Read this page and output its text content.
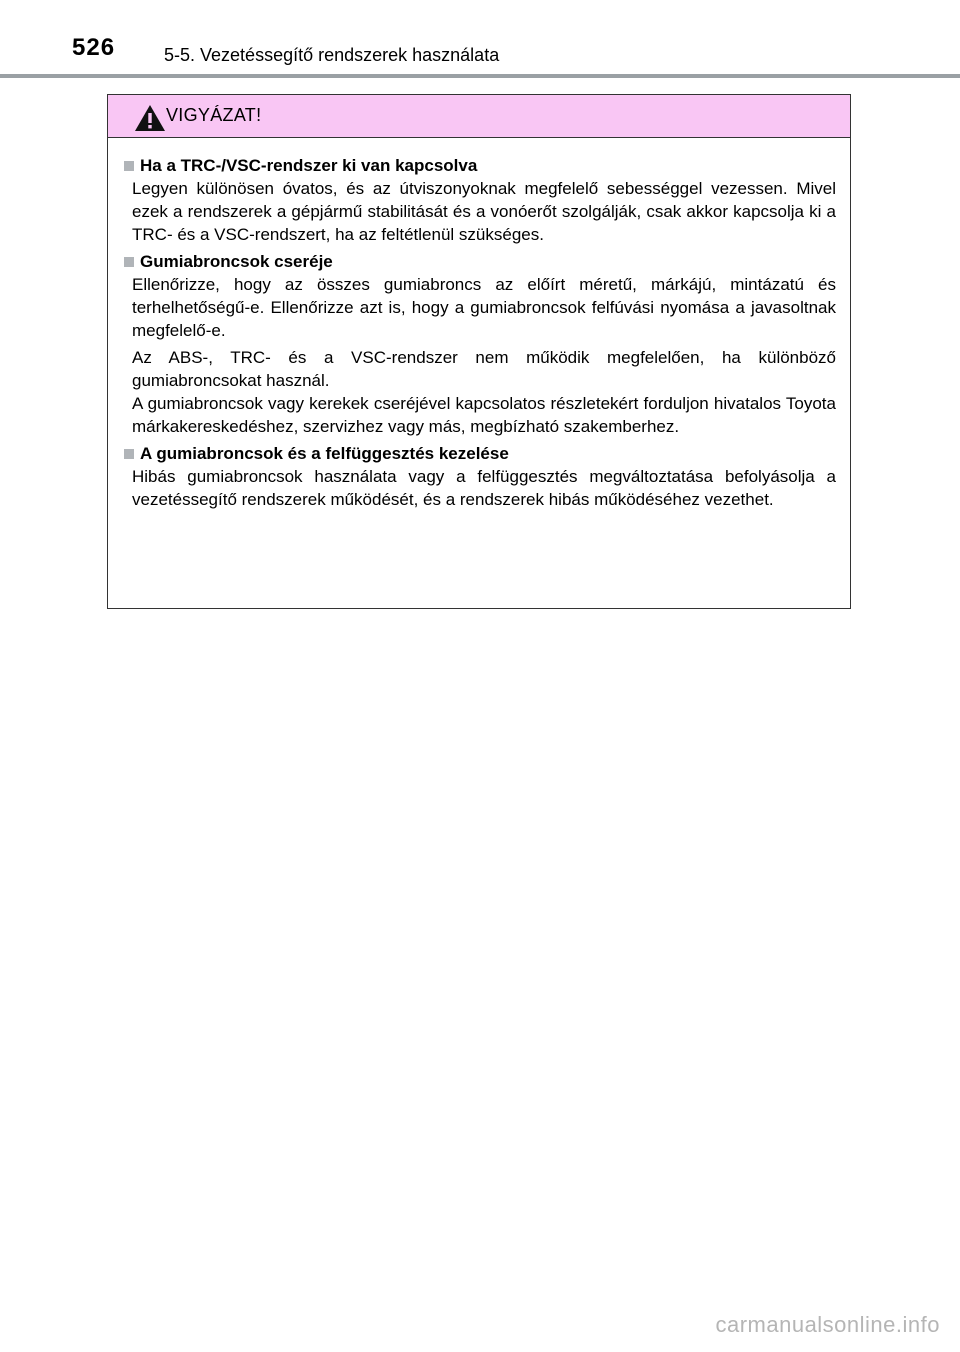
526	5-5. Vezetéssegítő rendszerek használata
VIGYÁZAT!
Ha a TRC-/VSC-rendszer ki van kapcsolva

Legyen különösen óvatos, és az útviszonyoknak megfelelő sebességgel vezessen. Mivel ezek a rendszerek a gépjármű stabilitását és a vonóerőt szolgálják, csak akkor kapcsolja ki a TRC- és a VSC-rendszert, ha az feltétlenül szükséges.

Gumiabroncsok cseréje

Ellenőrizze, hogy az összes gumiabroncs az előírt méretű, márkájú, mintázatú és terhelhetőségű-e. Ellenőrizze azt is, hogy a gumiabroncsok felfúvási nyomása a javasoltnak megfelelő-e.

Az ABS-, TRC- és a VSC-rendszer nem működik megfelelően, ha különböző gumiabroncsokat használ.
A gumiabroncsok vagy kerekek cseréjével kapcsolatos részletekért forduljon hivatalos Toyota márkakereskedéshez, szervizhez vagy más, megbízható szakemberhez.

A gumiabroncsok és a felfüggesztés kezelése

Hibás gumiabroncsok használata vagy a felfüggesztés megváltoztatása befolyásolja a vezetéssegítő rendszerek működését, és a rendszerek hibás működéséhez vezethet.

carmanualsonline.info
